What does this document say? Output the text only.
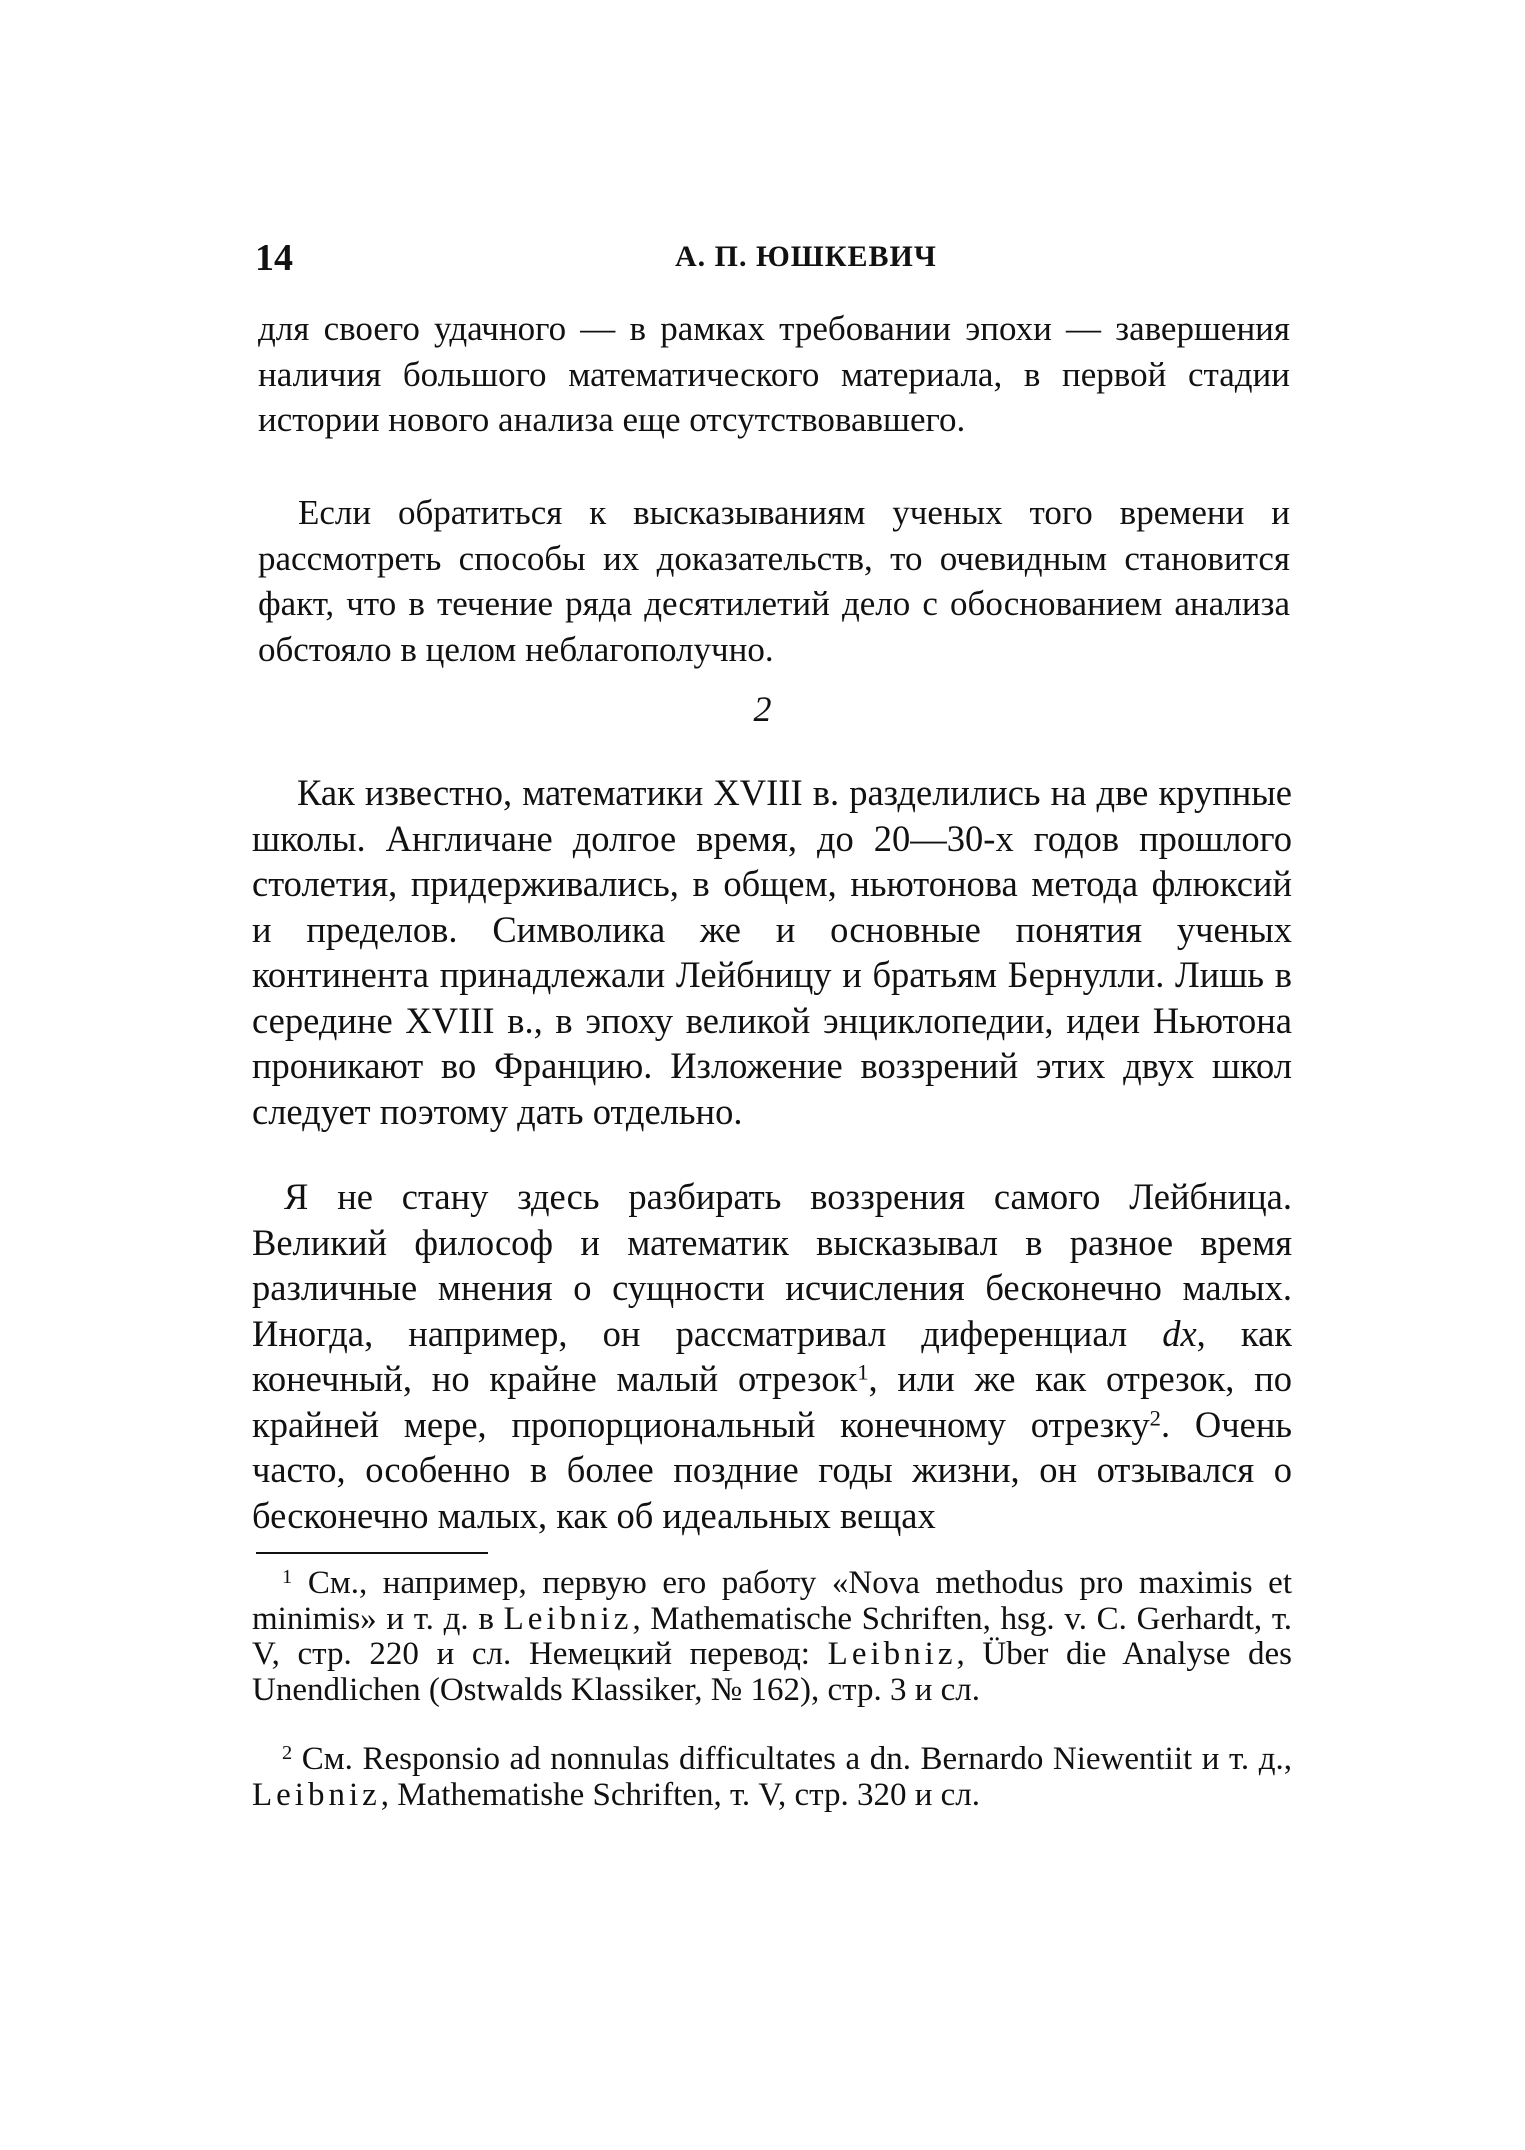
14	А. П. ЮШКЕВИЧ

для своего удачного — в рамках требовании эпохи — завершения наличия большого математического материала, в первой стадии истории нового анализа еще отсутствовавшего.

Если обратиться к высказываниям ученых того времени и рассмотреть способы их доказательств, то очевидным становится факт, что в течение ряда десятилетий дело с обоснованием анализа обстояло в целом неблагополучно.

2

Как известно, математики XVIII в. разделились на две крупные школы. Англичане долгое время, до 20—30-х годов прошлого столетия, придерживались, в общем, ньютонова метода флюксий и пределов. Символика же и основные понятия ученых континента принадлежали Лейбницу и братьям Бернулли. Лишь в середине XVIII в., в эпоху великой энциклопедии, идеи Ньютона проникают во Францию. Изложение воззрений этих двух школ следует поэтому дать отдельно.

Я не стану здесь разбирать воззрения самого Лейбница. Великий философ и математик высказывал в разное время различные мнения о сущности исчисления бесконечно малых. Иногда, например, он рассматривал диференциал dx, как конечный, но крайне малый отрезок$^1$, или же как отрезок, по крайней мере, пропорциональный конечному отрезку$^2$. Очень часто, особенно в более поздние годы жизни, он отзывался о бесконечно малых, как об идеальных вещах

$^1$ См., например, первую его работу «Nova methodus pro maximis et minimis» и т. д. в Leibniz, Mathematische Schriften, hsg. v. C. Gerhardt, т. V, стр. 220 и сл. Немецкий перевод: Leibniz, Über die Analyse des Unendlichen (Ostwalds Klassiker, № 162), стр. 3 и сл.

$^2$ См. Responsio ad nonnulas difficultates a dn. Bernardo Niewentiit и т. д., Leibniz, Mathematishe Schriften, т. V, стр. 320 и сл.
